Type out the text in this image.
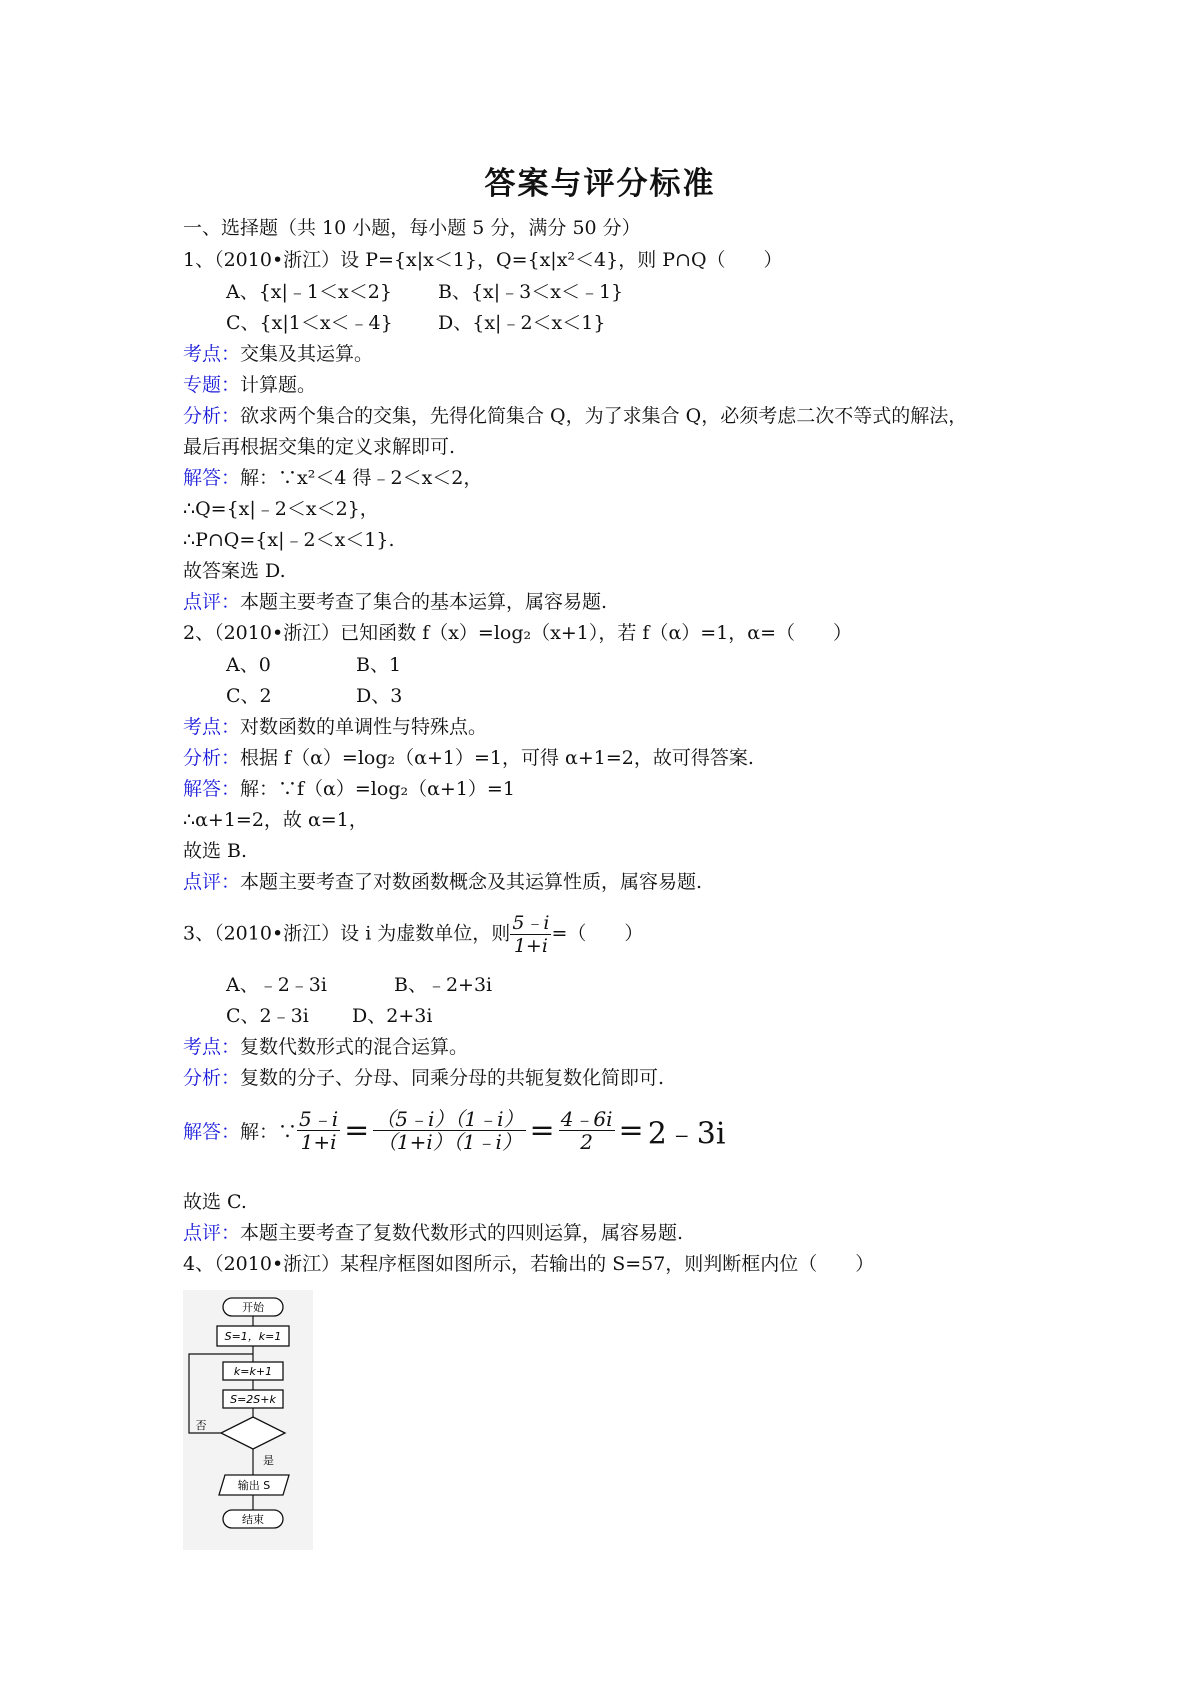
答案与评分标准
一、选择题（共 10 小题，每小题 5 分，满分 50 分）
1、（2010•浙江）设 P={x|x＜1}，Q={x|x²＜4}，则 P∩Q（　　）
A、{x|﹣1＜x＜2} B、{x|﹣3＜x＜﹣1}
C、{x|1＜x＜﹣4} D、{x|﹣2＜x＜1}
考点：交集及其运算。
专题：计算题。
分析：欲求两个集合的交集，先得化简集合 Q，为了求集合 Q，必须考虑二次不等式的解法，
最后再根据交集的定义求解即可.
解答：解：∵x²＜4 得﹣2＜x＜2，
∴Q={x|﹣2＜x＜2}，
∴P∩Q={x|﹣2＜x＜1}.
故答案选 D.
点评：本题主要考查了集合的基本运算，属容易题.
2、（2010•浙江）已知函数 f（x）=log₂（x+1），若 f（α）=1，α=（　　）
A、0	B、1
C、2	D、3
考点：对数函数的单调性与特殊点。
分析：根据 f（α）=log₂（α+1）=1，可得 α+1=2，故可得答案.
解答：解：∵f（α）=log₂（α+1）=1
∴α+1=2，故 α=1，
故选 B.
点评：本题主要考查了对数函数概念及其运算性质，属容易题.
3、（2010•浙江）设 i 为虚数单位，则 $\frac{5﹣i}{1+i}$ =（　　）
A、﹣2﹣3i	B、﹣2+3i
C、2﹣3i D、2+3i
考点：复数代数形式的混合运算。
分析：复数的分子、分母、同乘分母的共轭复数化简即可.
解答：解：∵ $\frac{5﹣i}{1+i} = \frac{(5﹣i)(1﹣i)}{(1+i)(1﹣i)} = \frac{4﹣6i}{2}$ = 2﹣3i
故选 C.
点评：本题主要考查了复数代数形式的四则运算，属容易题.
4、（2010•浙江）某程序框图如图所示，若输出的 S=57，则判断框内位（　　）
开始
S=1，k=1
k=k+1
S=2S+k
否
是
输出 S
结束
